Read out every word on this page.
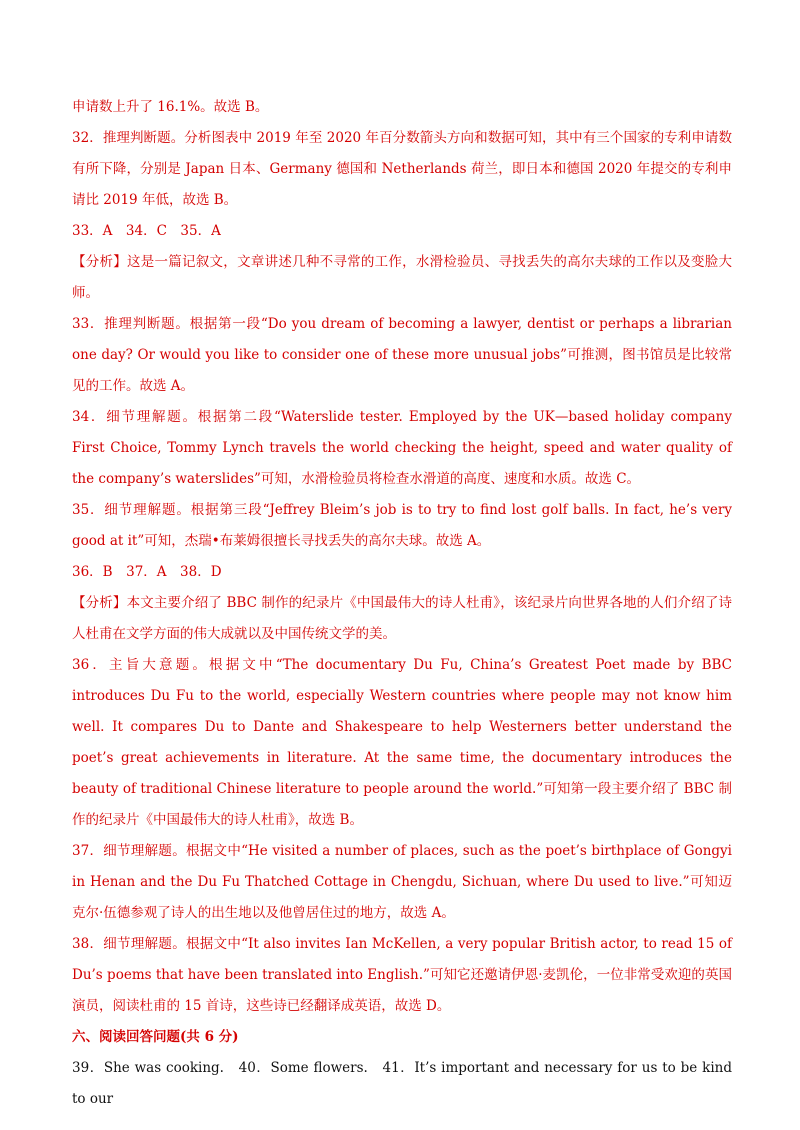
申请数上升了 16.1%。故选 B。

32．推理判断题。分析图表中 2019 年至 2020 年百分数箭头方向和数据可知，其中有三个国家的专利申请数有所下降，分别是 Japan 日本、Germany 德国和 Netherlands 荷兰，即日本和德国 2020 年提交的专利申请比 2019 年低，故选 B。

33．A　34．C　35．A

【分析】这是一篇记叙文，文章讲述几种不寻常的工作，水滑检验员、寻找丢失的高尔夫球的工作以及变脸大师。

33．推理判断题。根据第一段“Do you dream of becoming a lawyer, dentist or perhaps a librarian one day? Or would you like to consider one of these more unusual jobs”可推测，图书馆员是比较常见的工作。故选 A。

34．细节理解题。根据第二段“Waterslide tester. Employed by the UK—based holiday company First Choice, Tommy Lynch travels the world checking the height, speed and water quality of the company’s waterslides”可知，水滑检验员将检查水滑道的高度、速度和水质。故选 C。

35．细节理解题。根据第三段“Jeffrey Bleim’s job is to try to find lost golf balls. In fact, he’s very good at it”可知，杰瑞•布莱姆很擅长寻找丢失的高尔夫球。故选 A。

36．B　37．A　38．D

【分析】本文主要介绍了 BBC 制作的纪录片《中国最伟大的诗人杜甫》，该纪录片向世界各地的人们介绍了诗人杜甫在文学方面的伟大成就以及中国传统文学的美。

36．主旨大意题。根据文中“The documentary Du Fu, China’s Greatest Poet made by BBC introduces Du Fu to the world, especially Western countries where people may not know him well. It compares Du to Dante and Shakespeare to help Westerners better understand the poet’s great achievements in literature. At the same time, the documentary introduces the beauty of traditional Chinese literature to people around the world.”可知第一段主要介绍了 BBC 制作的纪录片《中国最伟大的诗人杜甫》，故选 B。

37．细节理解题。根据文中“He visited a number of places, such as the poet’s birthplace of Gongyi in Henan and the Du Fu Thatched Cottage in Chengdu, Sichuan, where Du used to live.”可知迈克尔·伍德参观了诗人的出生地以及他曾居住过的地方，故选 A。

38．细节理解题。根据文中“It also invites Ian McKellen, a very popular British actor, to read 15 of Du’s poems that have been translated into English.”可知它还邀请伊恩·麦凯伦，一位非常受欢迎的英国演员，阅读杜甫的 15 首诗，这些诗已经翻译成英语，故选 D。

六、阅读回答问题(共 6 分)

39．She was cooking.　40．Some flowers.　41．It’s important and necessary for us to be kind to our
